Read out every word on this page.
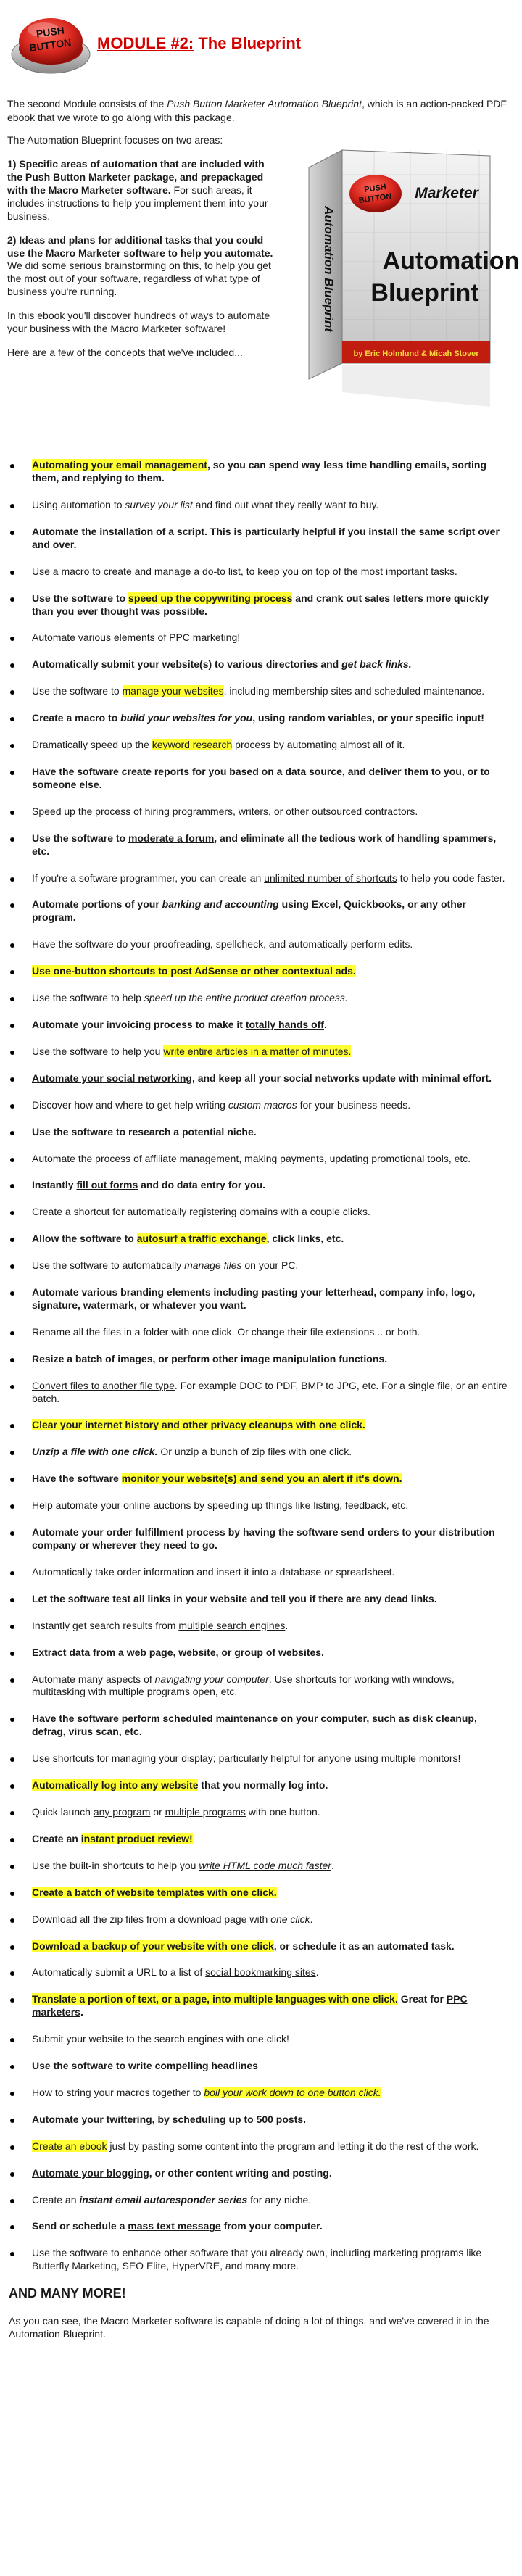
PUSH
BUTTON MODULE #2: The Blueprint

The second Module consists of the Push Button Marketer Automation Blueprint, which is an action-packed PDF ebook that we wrote to go along with this package.

The Automation Blueprint focuses on two areas:

1) Specific areas of automation that are included with the Push Button Marketer package, and prepackaged with the Macro Marketer software. For such areas, it includes instructions to help you implement them into your business.

2) Ideas and plans for additional tasks that you could use the Macro Marketer software to help you automate. We did some serious brainstorming on this, to help you get the most out of your software, regardless of what type of business you're running.

In this ebook you'll discover hundreds of ways to automate your business with the Macro Marketer software!

Here are a few of the concepts that we've included...

PUSH
BUTTON Marketer
Automation
Blueprint
by Eric Holmlund & Micah Stover
Automation Blueprint
Automating your email management, so you can spend way less time handling emails, sorting them, and replying to them.
Using automation to survey your list and find out what they really want to buy.
Automate the installation of a script. This is particularly helpful if you install the same script over and over.
Use a macro to create and manage a do-to list, to keep you on top of the most important tasks.
Use the software to speed up the copywriting process and crank out sales letters more quickly than you ever thought was possible.
Automate various elements of PPC marketing!
Automatically submit your website(s) to various directories and get back links.
Use the software to manage your websites, including membership sites and scheduled maintenance.
Create a macro to build your websites for you, using random variables, or your specific input!
Dramatically speed up the keyword research process by automating almost all of it.
Have the software create reports for you based on a data source, and deliver them to you, or to someone else.
Speed up the process of hiring programmers, writers, or other outsourced contractors.
Use the software to moderate a forum, and eliminate all the tedious work of handling spammers, etc.
If you're a software programmer, you can create an unlimited number of shortcuts to help you code faster.
Automate portions of your banking and accounting using Excel, Quickbooks, or any other program.
Have the software do your proofreading, spellcheck, and automatically perform edits.
Use one-button shortcuts to post AdSense or other contextual ads.
Use the software to help speed up the entire product creation process.
Automate your invoicing process to make it totally hands off.
Use the software to help you write entire articles in a matter of minutes.
Automate your social networking, and keep all your social networks update with minimal effort.
Discover how and where to get help writing custom macros for your business needs.
Use the software to research a potential niche.
Automate the process of affiliate management, making payments, updating promotional tools, etc.
Instantly fill out forms and do data entry for you.
Create a shortcut for automatically registering domains with a couple clicks.
Allow the software to autosurf a traffic exchange, click links, etc.
Use the software to automatically manage files on your PC.
Automate various branding elements including pasting your letterhead, company info, logo, signature, watermark, or whatever you want.
Rename all the files in a folder with one click. Or change their file extensions... or both.
Resize a batch of images, or perform other image manipulation functions.
Convert files to another file type. For example DOC to PDF, BMP to JPG, etc. For a single file, or an entire batch.
Clear your internet history and other privacy cleanups with one click.
Unzip a file with one click. Or unzip a bunch of zip files with one click.
Have the software monitor your website(s) and send you an alert if it's down.
Help automate your online auctions by speeding up things like listing, feedback, etc.
Automate your order fulfillment process by having the software send orders to your distribution company or wherever they need to go.
Automatically take order information and insert it into a database or spreadsheet.
Let the software test all links in your website and tell you if there are any dead links.
Instantly get search results from multiple search engines.
Extract data from a web page, website, or group of websites.
Automate many aspects of navigating your computer. Use shortcuts for working with windows, multitasking with multiple programs open, etc.
Have the software perform scheduled maintenance on your computer, such as disk cleanup, defrag, virus scan, etc.
Use shortcuts for managing your display; particularly helpful for anyone using multiple monitors!
Automatically log into any website that you normally log into.
Quick launch any program or multiple programs with one button.
Create an instant product review!
Use the built-in shortcuts to help you write HTML code much faster.
Create a batch of website templates with one click.
Download all the zip files from a download page with one click.
Download a backup of your website with one click, or schedule it as an automated task.
Automatically submit a URL to a list of social bookmarking sites.
Translate a portion of text, or a page, into multiple languages with one click. Great for PPC marketers.
Submit your website to the search engines with one click!
Use the software to write compelling headlines
How to string your macros together to boil your work down to one button click.
Automate your twittering, by scheduling up to 500 posts.
Create an ebook just by pasting some content into the program and letting it do the rest of the work.
Automate your blogging, or other content writing and posting.
Create an instant email autoresponder series for any niche.
Send or schedule a mass text message from your computer.
Use the software to enhance other software that you already own, including marketing programs like Butterfly Marketing, SEO Elite, HyperVRE, and many more.
AND MANY MORE!

As you can see, the Macro Marketer software is capable of doing a lot of things, and we've covered it in the Automation Blueprint.
